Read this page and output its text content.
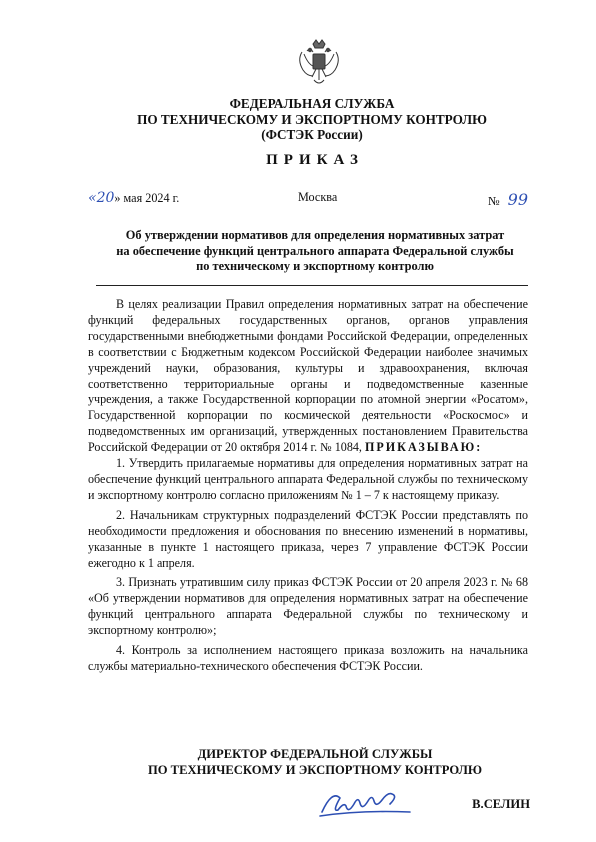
ФЕДЕРАЛЬНАЯ СЛУЖБА
ПО ТЕХНИЧЕСКОМУ И ЭКСПОРТНОМУ КОНТРОЛЮ
(ФСТЭК России)
ПРИКАЗ
«20» мая 2024 г.	Москва	№ 99
Об утверждении нормативов для определения нормативных затрат
на обеспечение функций центрального аппарата Федеральной службы
по техническому и экспортному контролю

В целях реализации Правил определения нормативных затрат на обеспечение функций федеральных государственных органов, органов управления государственными внебюджетными фондами Российской Федерации, определенных в соответствии с Бюджетным кодексом Российской Федерации наиболее значимых учреждений науки, образования, культуры и здравоохранения, включая соответственно территориальные органы и подведомственные казенные учреждения, а также Государственной корпорации по атомной энергии «Росатом», Государственной корпорации по космической деятельности «Роскосмос» и подведомственных им организаций, утвержденных постановлением Правительства Российской Федерации от 20 октября 2014 г. № 1084, ПРИКАЗЫВАЮ:

1. Утвердить прилагаемые нормативы для определения нормативных затрат на обеспечение функций центрального аппарата Федеральной службы по техническому и экспортному контролю согласно приложениям № 1 – 7 к настоящему приказу.

2. Начальникам структурных подразделений ФСТЭК России представлять по необходимости предложения и обоснования по внесению изменений в нормативы, указанные в пункте 1 настоящего приказа, через 7 управление ФСТЭК России ежегодно к 1 апреля.

3. Признать утратившим силу приказ ФСТЭК России от 20 апреля 2023 г. № 68 «Об утверждении нормативов для определения нормативных затрат на обеспечение функций центрального аппарата Федеральной службы по техническому и экспортному контролю»;

4. Контроль за исполнением настоящего приказа возложить на начальника службы материально-технического обеспечения ФСТЭК России.

ДИРЕКТОР ФЕДЕРАЛЬНОЙ СЛУЖБЫ
ПО ТЕХНИЧЕСКОМУ И ЭКСПОРТНОМУ КОНТРОЛЮ
В.СЕЛИН
